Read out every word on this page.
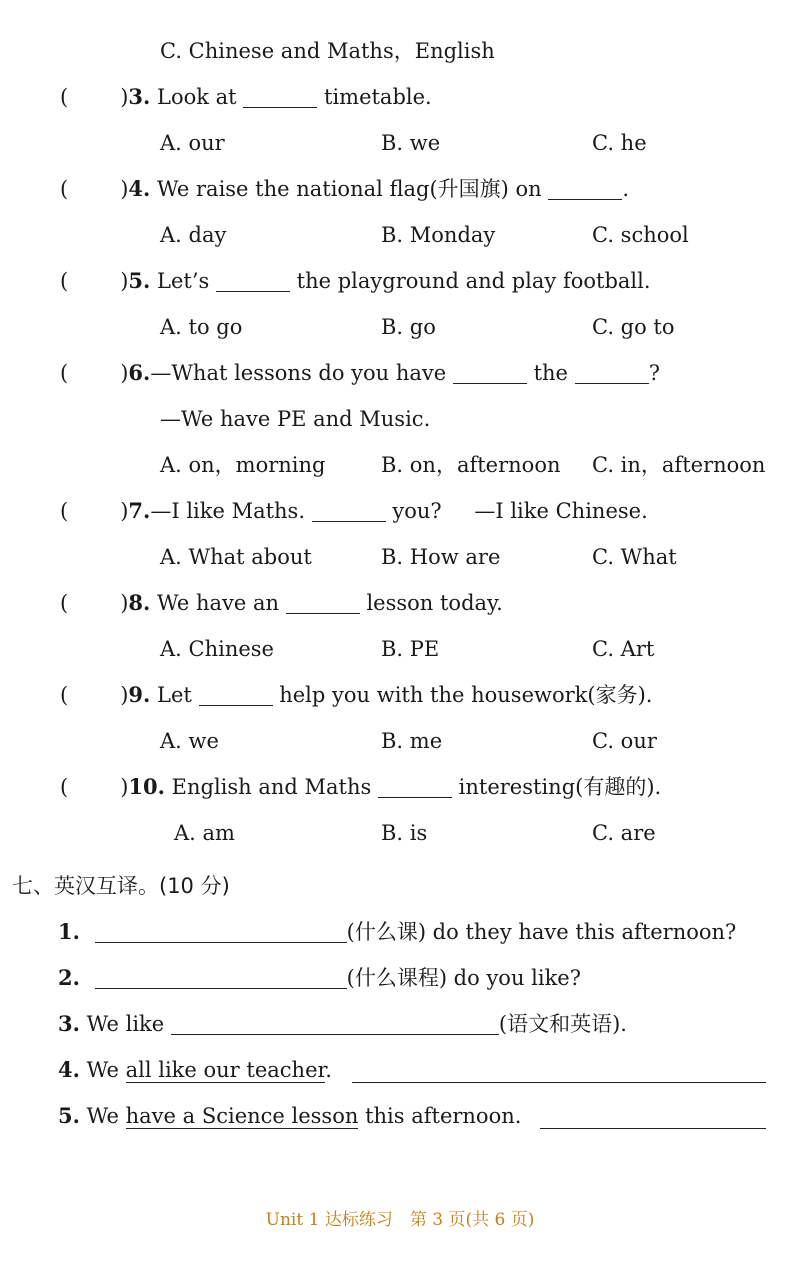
C. Chinese and Maths，English
( )3. Look at	timetable.
A. our	B. we	C. he
( )4. We raise the national flag(升国旗) on	.
A. day	B. Monday	C. school
( )5. Let’s	the playground and play football.
A. to go	B. go	C. go to
( )6.—What lessons do you have	the	?
—We have PE and Music.
A. on，morning	B. on，afternoon C. in，afternoon
( )7.—I like Maths.	you? —I like Chinese.
A. What about	B. How are	C. What
( )8. We have an	lesson today.
A. Chinese	B. PE	C. Art
( )9. Let	help you with the housework(家务).
A. we	B. me	C. our
( )10. English and Maths	interesting(有趣的).
A. am	B. is	C. are
七、英汉互译。(10 分)
1.	(什么课) do they have this afternoon?
2.	(什么课程) do you like?
3. We like	(语文和英语).
4. We all like our teacher.
5. We have a Science lesson this afternoon.
Unit 1 达标练习　第 3 页(共 6 页)
